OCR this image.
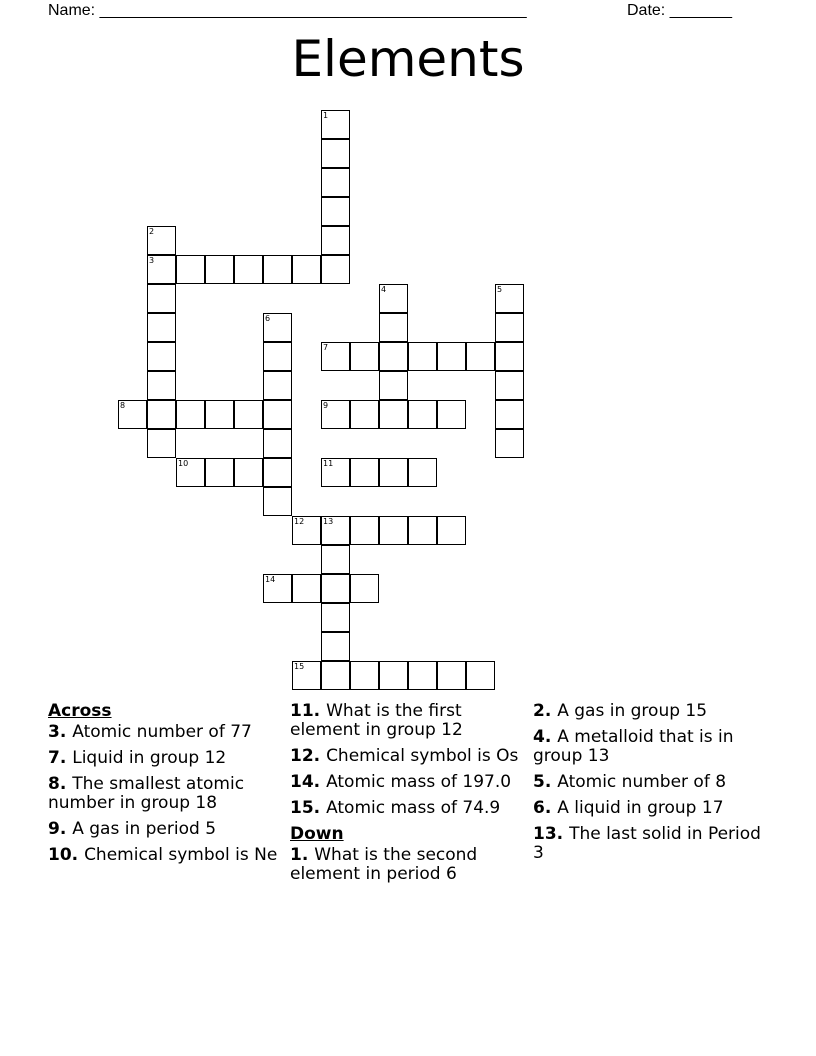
Name: ________________________________________________	Date: _______
Elements
1
2
3
4	5
6
7
8	9
10	11
12 13
14
15
Across
3. Atomic number of 77
7. Liquid in group 12
8. The smallest atomic number in group 18
9. A gas in period 5
10. Chemical symbol is Ne
11. What is the first element in group 12
12. Chemical symbol is Os
14. Atomic mass of 197.0
15. Atomic mass of 74.9
Down
1. What is the second element in period 6
2. A gas in group 15
4. A metalloid that is in group 13
5. Atomic number of 8
6. A liquid in group 17
13. The last solid in Period 3
